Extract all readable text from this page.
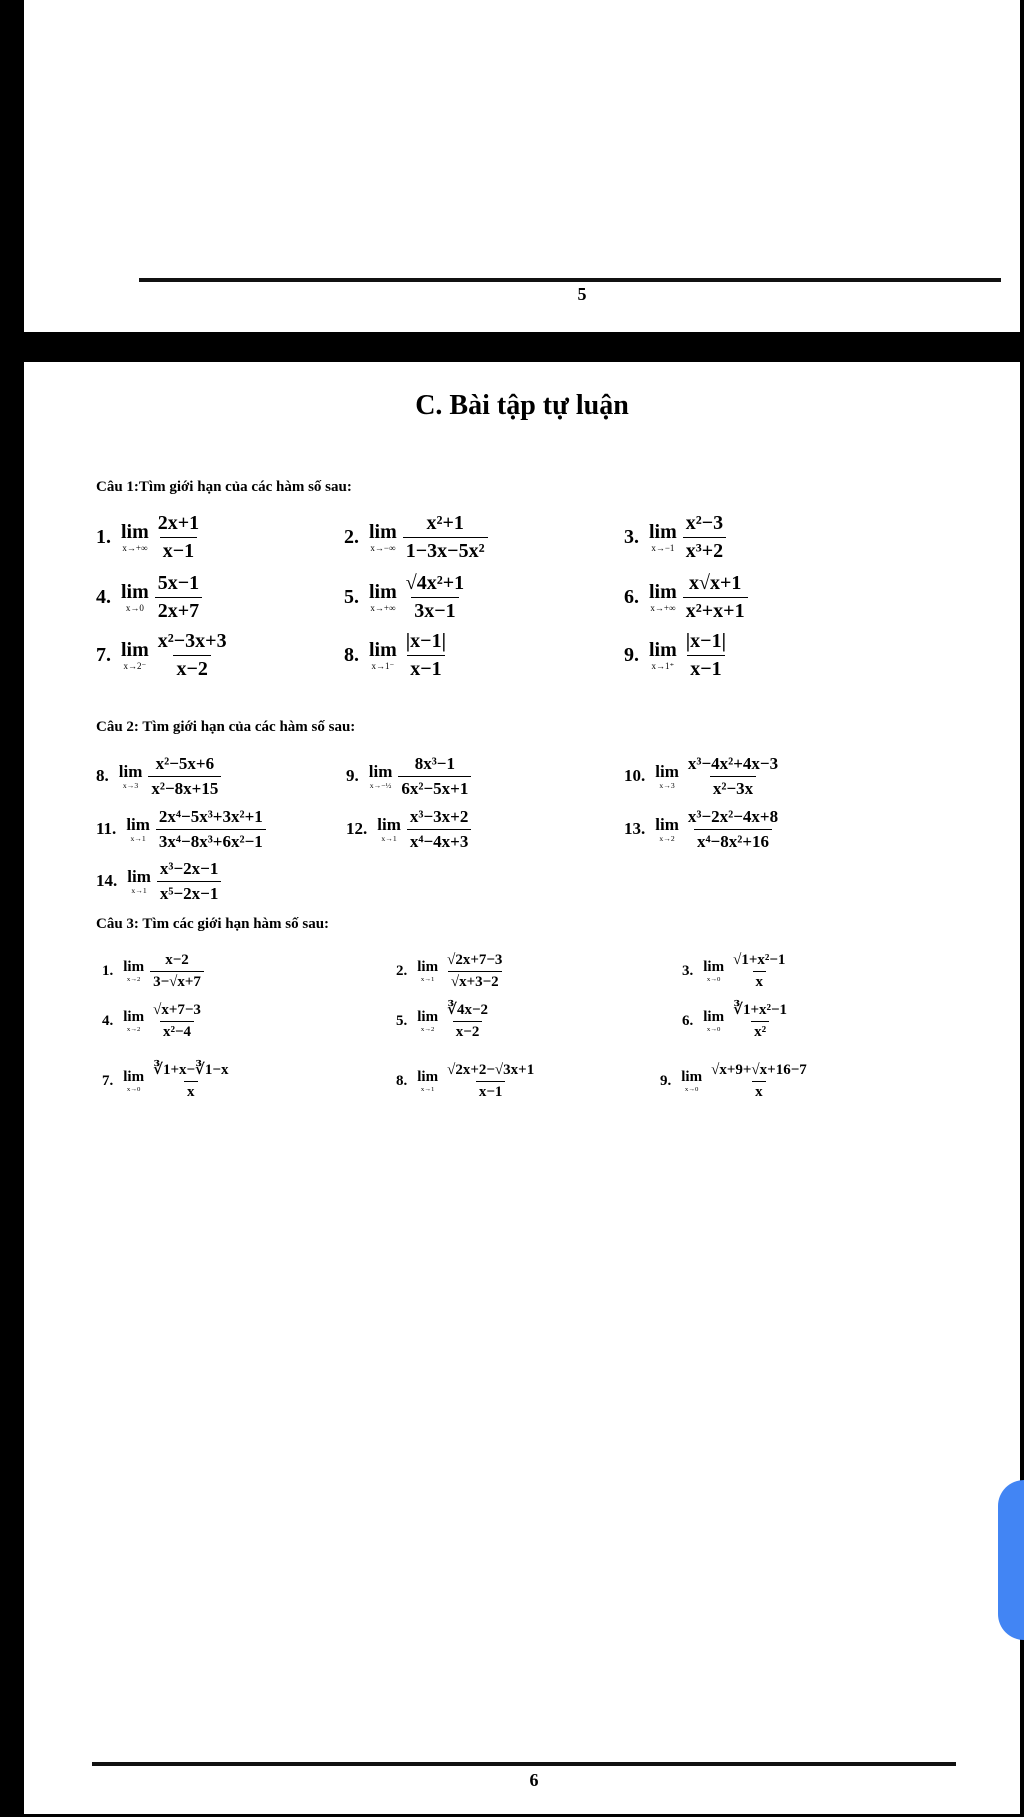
5
C. Bài tập tự luận
Câu 1:Tìm giới hạn của các hàm số sau:
1. lim
$x\to+\infty \frac{2x+1}{x-1}$	2. lim
$x\to-\infty \frac{\text{x²+1}}{\text{1−3x−5x²}}$	3. lim
$x\to-1 \frac{\text{x²−3}}{\text{x³+2}}$
4. lim
$x\to 0 \frac{5x-1}{2x+7}$	5. lim
$x\to+\infty \frac{\text{√4x²+1}}{3x-1}$	6. lim
$x\to+\infty \frac{x√x+1}{\text{x²+x+1}}$
7. lim
$x\to 2^- \frac{\text{x²−3x+3}}{x-2}$	8. lim
$x\to 1^- \frac{|x-1|}{x-1}$	9. lim
$x\to 1^+ \frac{|x-1|}{x-1}$
Câu 2: Tìm giới hạn của các hàm số sau:
8. lim
$x\to 3 \frac{\text{x²−5x+6}}{\text{x²−8x+15}}$	9. lim
x→−½ $\frac{\text{8x³−1}}{\text{6x²−5x+1}}$	10. lim
$x\to 3 \frac{\text{x³−4x²+4x−3}}{\text{x²−3x}}$
11. lim
$x\to 1 \frac{\text{2x⁴−5x³+3x²+1}}{\text{3x⁴−8x³+6x²−1}}$	12. lim
$x\to 1 \frac{\text{x³−3x+2}}{\text{x⁴−4x+3}}$	13. lim
$x\to 2 \frac{\text{x³−2x²−4x+8}}{\text{x⁴−8x²+16}}$
14. lim
$x\to 1 \frac{\text{x³−2x−1}}{\text{x⁵−2x−1}}$
Câu 3: Tìm các giới hạn hàm số sau:
1. lim
$x\to 2 \frac{x-2}{3-√x+7}$	2. lim
$x\to 1 \frac{√2x+7-3}{√x+3-2}$	3. lim
$x\to 0 \frac{\text{√1+x²−1}}{x}$
4. lim
$x\to 2 \frac{√x+7-3}{\text{x²−4}}$	5. lim
$x\to 2 \frac{∛4x-2}{x-2}$	6. lim
$x\to 0 \frac{\text{∛1+x²−1}}{\text{x²}}$
7. lim
$x\to 0 \frac{∛1+x-∛1-x}{x}$	8. lim
$x\to 1 \frac{√2x+2-√3x+1}{x-1}$	9. lim
$x\to 0 \frac{√x+9+√x+16-7}{x}$
6
